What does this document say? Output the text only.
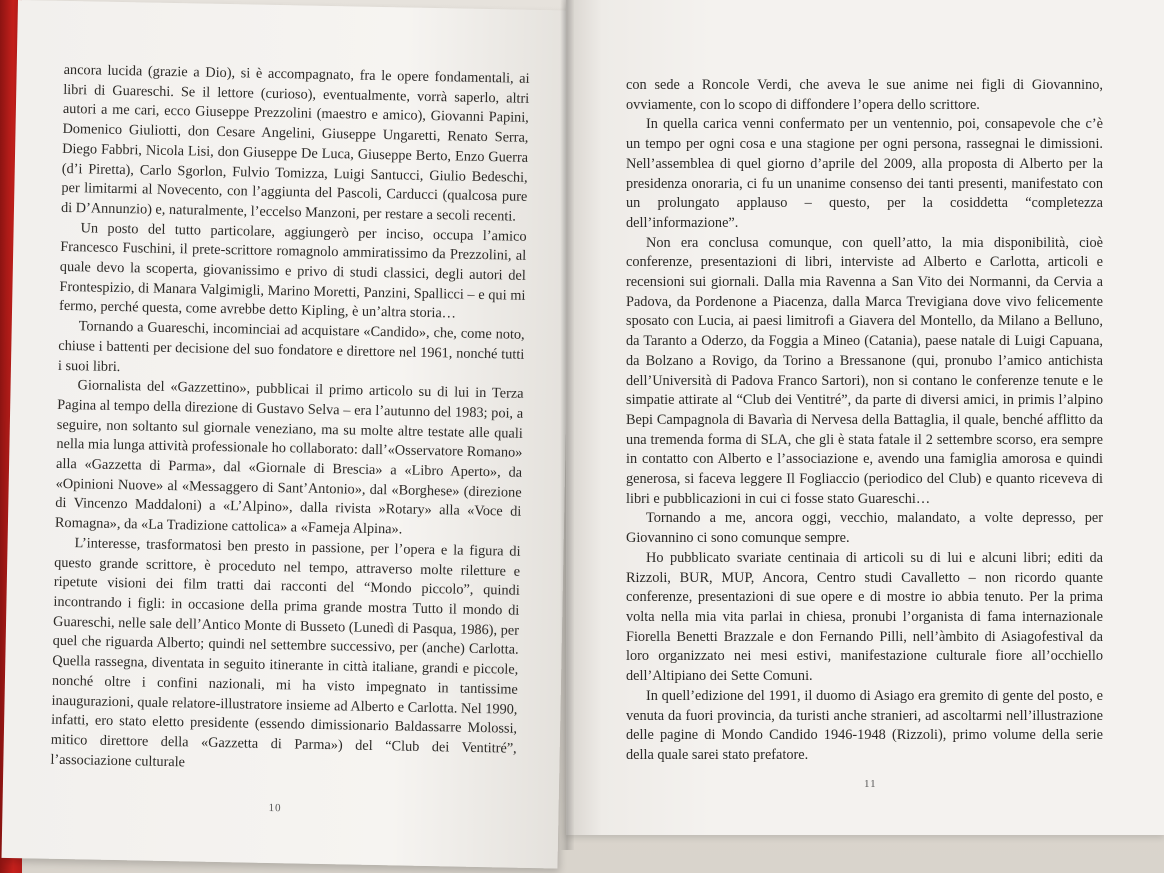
ancora lucida (grazie a Dio), si è accompagnato, fra le opere fondamentali, ai libri di Guareschi. Se il lettore (curioso), eventualmente, vorrà saperlo, altri autori a me cari, ecco Giuseppe Prezzolini (maestro e amico), Giovanni Papini, Domenico Giuliotti, don Cesare Angelini, Giuseppe Ungaretti, Renato Serra, Diego Fabbri, Nicola Lisi, don Giuseppe De Luca, Giuseppe Berto, Enzo Guerra (d’i Piretta), Carlo Sgorlon, Fulvio Tomizza, Luigi Santucci, Giulio Bedeschi, per limitarmi al Novecento, con l’aggiunta del Pascoli, Carducci (qualcosa pure di D’Annunzio) e, naturalmente, l’eccelso Manzoni, per restare a secoli recenti.

Un posto del tutto particolare, aggiungerò per inciso, occupa l’amico Francesco Fuschini, il prete-scrittore romagnolo ammiratissimo da Prezzolini, al quale devo la scoperta, giovanissimo e privo di studi classici, degli autori del Frontespizio, di Manara Valgimigli, Marino Moretti, Panzini, Spallicci – e qui mi fermo, perché questa, come avrebbe detto Kipling, è un’altra storia…

Tornando a Guareschi, incominciai ad acquistare «Candido», che, come noto, chiuse i battenti per decisione del suo fondatore e direttore nel 1961, nonché tutti i suoi libri.

Giornalista del «Gazzettino», pubblicai il primo articolo su di lui in Terza Pagina al tempo della direzione di Gustavo Selva – era l’autunno del 1983; poi, a seguire, non soltanto sul giornale veneziano, ma su molte altre testate alle quali nella mia lunga attività professionale ho collaborato: dall’«Osservatore Romano» alla «Gazzetta di Parma», dal «Giornale di Brescia» a «Libro Aperto», da «Opinioni Nuove» al «Messaggero di Sant’Antonio», dal «Borghese» (direzione di Vincenzo Maddaloni) a «L’Alpino», dalla rivista »Rotary» alla «Voce di Romagna», da «La Tradizione cattolica» a «Fameja Alpina».

L’interesse, trasformatosi ben presto in passione, per l’opera e la figura di questo grande scrittore, è proceduto nel tempo, attraverso molte riletture e ripetute visioni dei film tratti dai racconti del “Mondo piccolo”, quindi incontrando i figli: in occasione della prima grande mostra Tutto il mondo di Guareschi, nelle sale dell’Antico Monte di Busseto (Lunedì di Pasqua, 1986), per quel che riguarda Alberto; quindi nel settembre successivo, per (anche) Carlotta. Quella rassegna, diventata in seguito itinerante in città italiane, grandi e piccole, nonché oltre i confini nazionali, mi ha visto impegnato in tantissime inaugurazioni, quale relatore-illustratore insieme ad Alberto e Carlotta. Nel 1990, infatti, ero stato eletto presidente (essendo dimissionario Baldassarre Molossi, mitico direttore della «Gazzetta di Parma») del “Club dei Ventitré”, l’associazione culturale

10

con sede a Roncole Verdi, che aveva le sue anime nei figli di Giovannino, ovviamente, con lo scopo di diffondere l’opera dello scrittore.

In quella carica venni confermato per un ventennio, poi, consapevole che c’è un tempo per ogni cosa e una stagione per ogni persona, rassegnai le dimissioni. Nell’assemblea di quel giorno d’aprile del 2009, alla proposta di Alberto per la presidenza onoraria, ci fu un unanime consenso dei tanti presenti, manifestato con un prolungato applauso – questo, per la cosiddetta “completezza dell’informazione”.

Non era conclusa comunque, con quell’atto, la mia disponibilità, cioè conferenze, presentazioni di libri, interviste ad Alberto e Carlotta, articoli e recensioni sui giornali. Dalla mia Ravenna a San Vito dei Normanni, da Cervia a Padova, da Pordenone a Piacenza, dalla Marca Trevigiana dove vivo felicemente sposato con Lucia, ai paesi limitrofi a Giavera del Montello, da Milano a Belluno, da Taranto a Oderzo, da Foggia a Mineo (Catania), paese natale di Luigi Capuana, da Bolzano a Rovigo, da Torino a Bressanone (qui, pronubo l’amico antichista dell’Università di Padova Franco Sartori), non si contano le conferenze tenute e le simpatie attirate al “Club dei Ventitré”, da parte di diversi amici, in primis l’alpino Bepi Campagnola di Bavarìa di Nervesa della Battaglia, il quale, benché afflitto da una tremenda forma di SLA, che gli è stata fatale il 2 settembre scorso, era sempre in contatto con Alberto e l’associazione e, avendo una famiglia amorosa e quindi generosa, si faceva leggere Il Fogliaccio (periodico del Club) e quanto riceveva di libri e pubblicazioni in cui ci fosse stato Guareschi…

Tornando a me, ancora oggi, vecchio, malandato, a volte depresso, per Giovannino ci sono comunque sempre.

Ho pubblicato svariate centinaia di articoli su di lui e alcuni libri; editi da Rizzoli, BUR, MUP, Ancora, Centro studi Cavalletto – non ricordo quante conferenze, presentazioni di sue opere e di mostre io abbia tenuto. Per la prima volta nella mia vita parlai in chiesa, pronubi l’organista di fama internazionale Fiorella Benetti Brazzale e don Fernando Pilli, nell’àmbito di Asiagofestival da loro organizzato nei mesi estivi, manifestazione culturale fiore all’occhiello dell’Altipiano dei Sette Comuni.

In quell’edizione del 1991, il duomo di Asiago era gremito di gente del posto, e venuta da fuori provincia, da turisti anche stranieri, ad ascoltarmi nell’illustrazione delle pagine di Mondo Candido 1946-1948 (Rizzoli), primo volume della serie della quale sarei stato prefatore.

11
